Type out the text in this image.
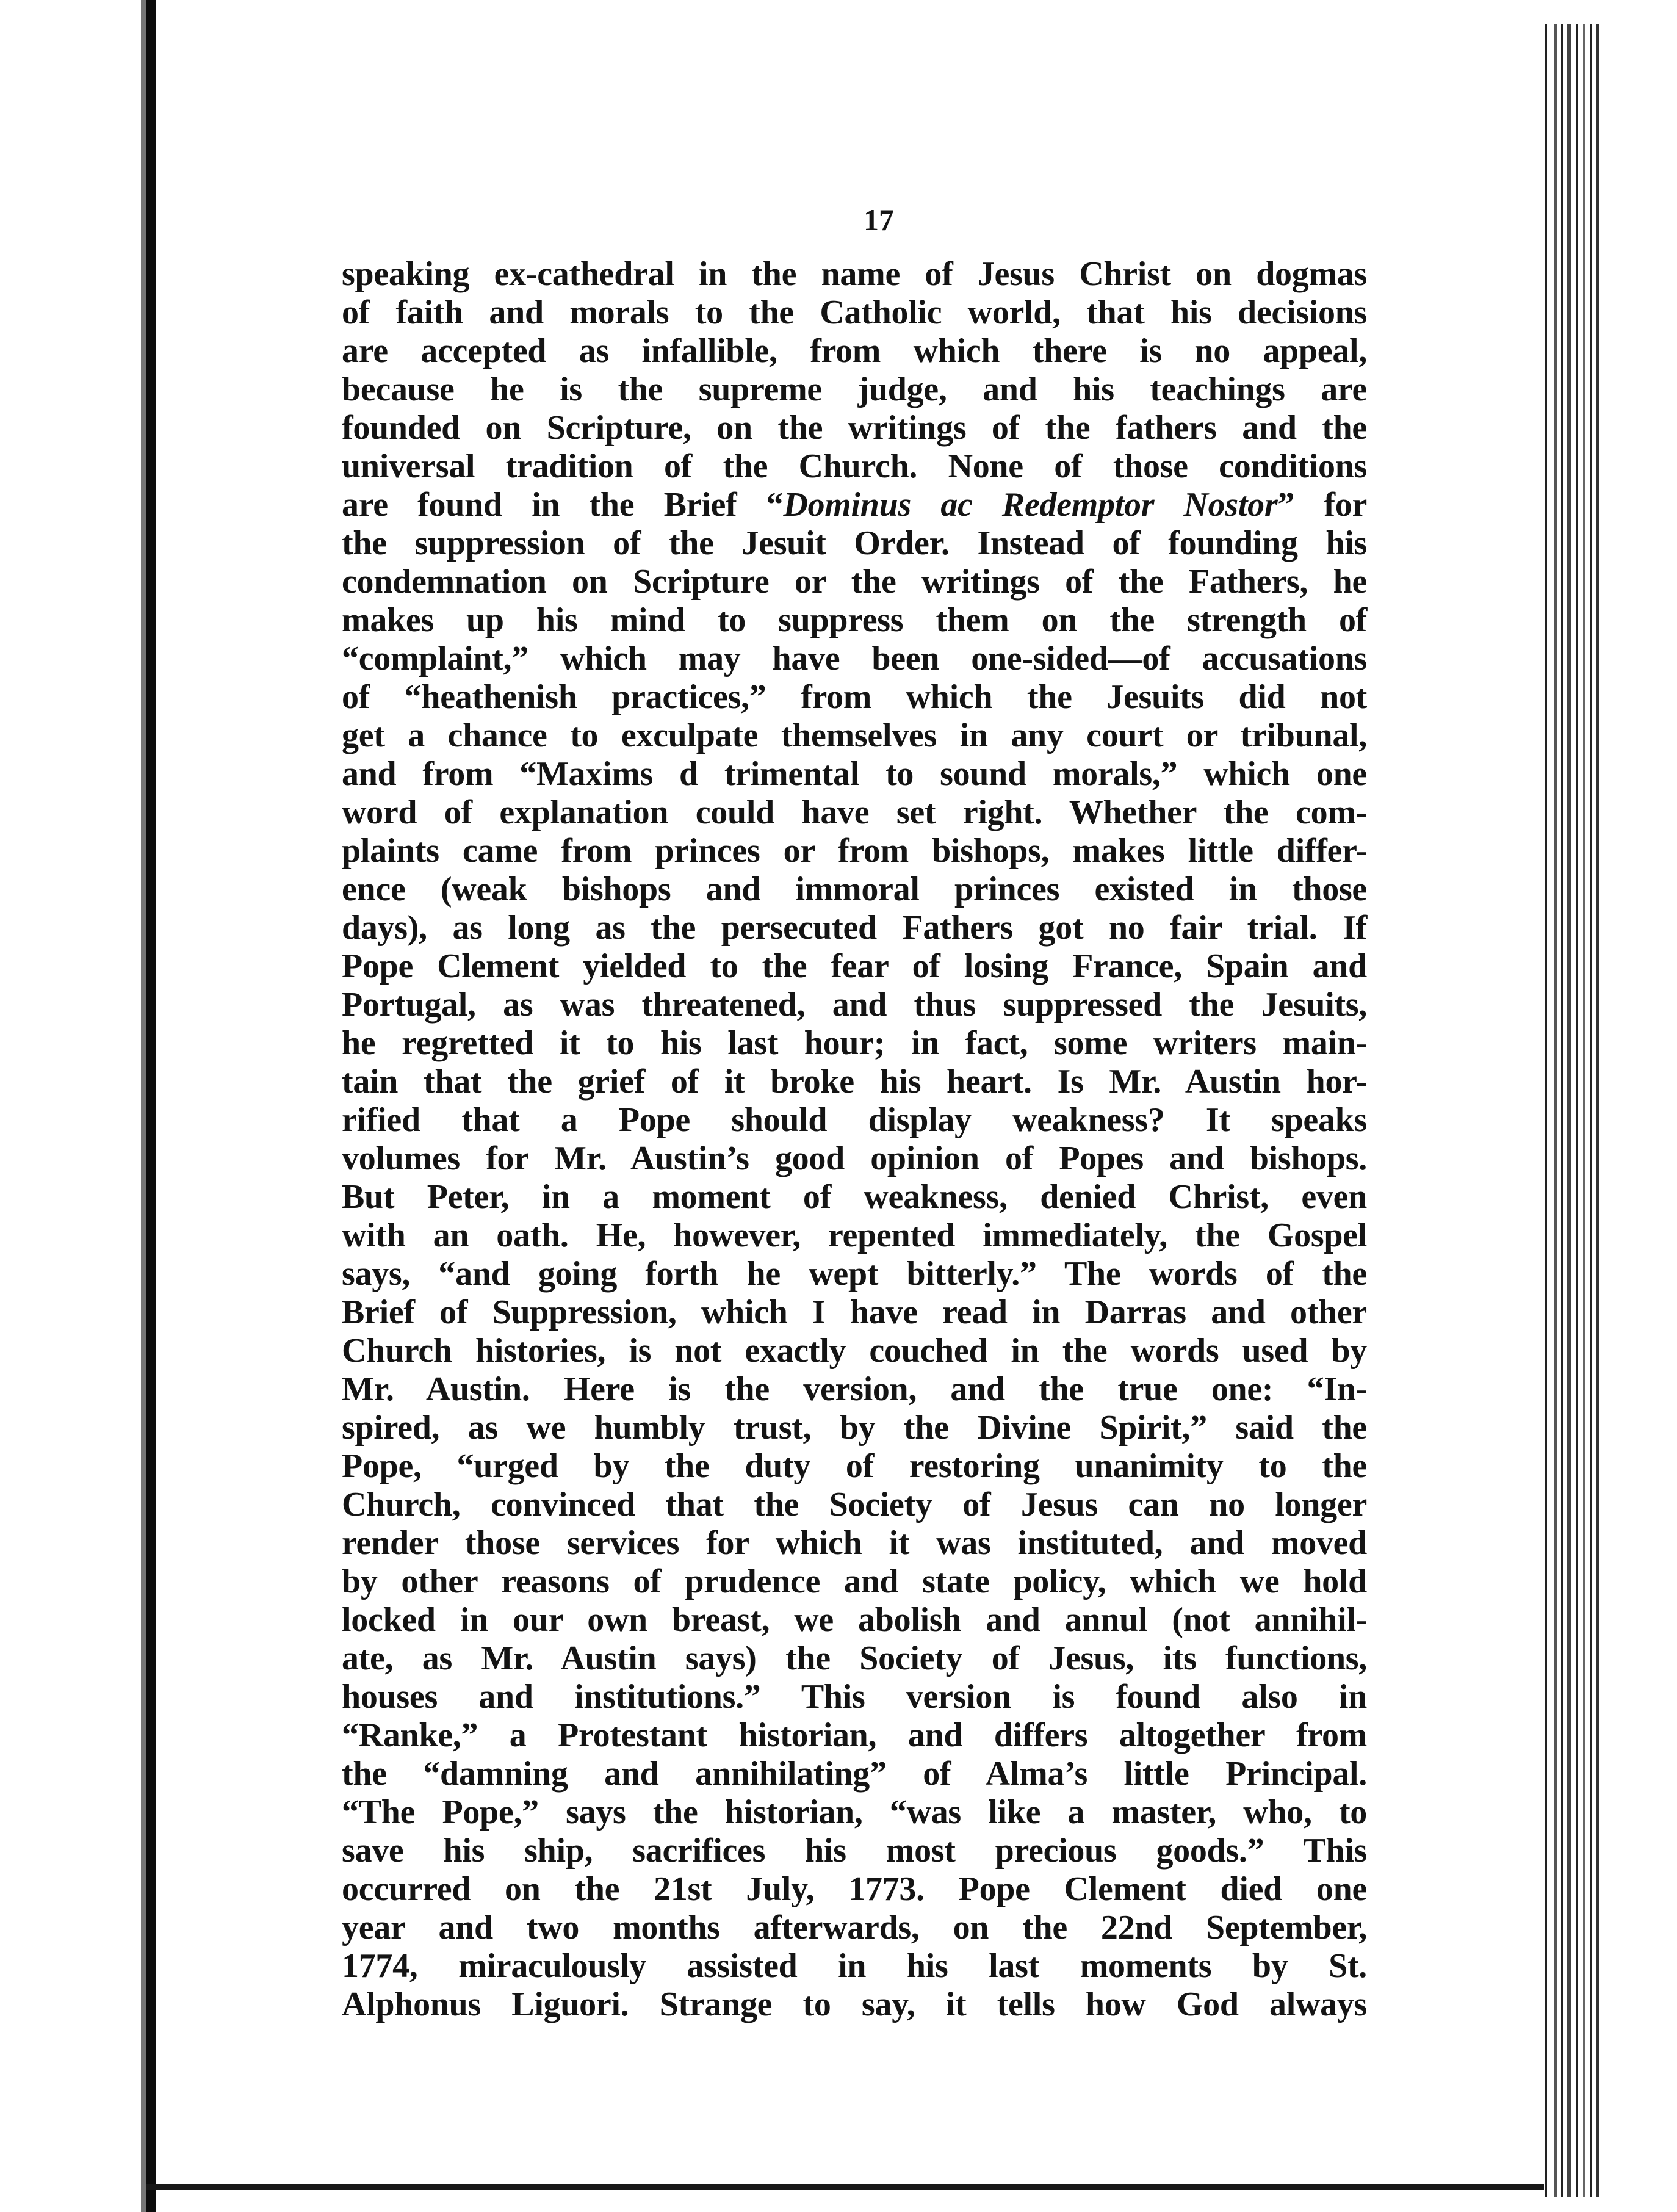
17
speaking ex-cathedral in the name of Jesus Christ on dogmas
of faith and morals to the Catholic world, that his decisions
are accepted as infallible, from which there is no appeal,
because he is the supreme judge, and his teachings are
founded on Scripture, on the writings of the fathers and the
universal tradition of the Church. None of those conditions
are found in the Brief “Dominus ac Redemptor Nostor” for
the suppression of the Jesuit Order. Instead of founding his
condemnation on Scripture or the writings of the Fathers, he
makes up his mind to suppress them on the strength of
“complaint,” which may have been one-sided—of accusations
of “heathenish practices,” from which the Jesuits did not
get a chance to exculpate themselves in any court or tribunal,
and from “Maxims d trimental to sound morals,” which one
word of explanation could have set right. Whether the com-
plaints came from princes or from bishops, makes little differ-
ence (weak bishops and immoral princes existed in those
days), as long as the persecuted Fathers got no fair trial. If
Pope Clement yielded to the fear of losing France, Spain and
Portugal, as was threatened, and thus suppressed the Jesuits,
he regretted it to his last hour; in fact, some writers main-
tain that the grief of it broke his heart. Is Mr. Austin hor-
rified that a Pope should display weakness? It speaks
volumes for Mr. Austin’s good opinion of Popes and bishops.
But Peter, in a moment of weakness, denied Christ, even
with an oath. He, however, repented immediately, the Gospel
says, “and going forth he wept bitterly.” The words of the
Brief of Suppression, which I have read in Darras and other
Church histories, is not exactly couched in the words used by
Mr. Austin. Here is the version, and the true one: “In-
spired, as we humbly trust, by the Divine Spirit,” said the
Pope, “urged by the duty of restoring unanimity to the
Church, convinced that the Society of Jesus can no longer
render those services for which it was instituted, and moved
by other reasons of prudence and state policy, which we hold
locked in our own breast, we abolish and annul (not annihil-
ate, as Mr. Austin says) the Society of Jesus, its functions,
houses and institutions.” This version is found also in
“Ranke,” a Protestant historian, and differs altogether from
the “damning and annihilating” of Alma’s little Principal.
“The Pope,” says the historian, “was like a master, who, to
save his ship, sacrifices his most precious goods.” This
occurred on the 21st July, 1773. Pope Clement died one
year and two months afterwards, on the 22nd September,
1774, miraculously assisted in his last moments by St.
Alphonus Liguori. Strange to say, it tells how God always
